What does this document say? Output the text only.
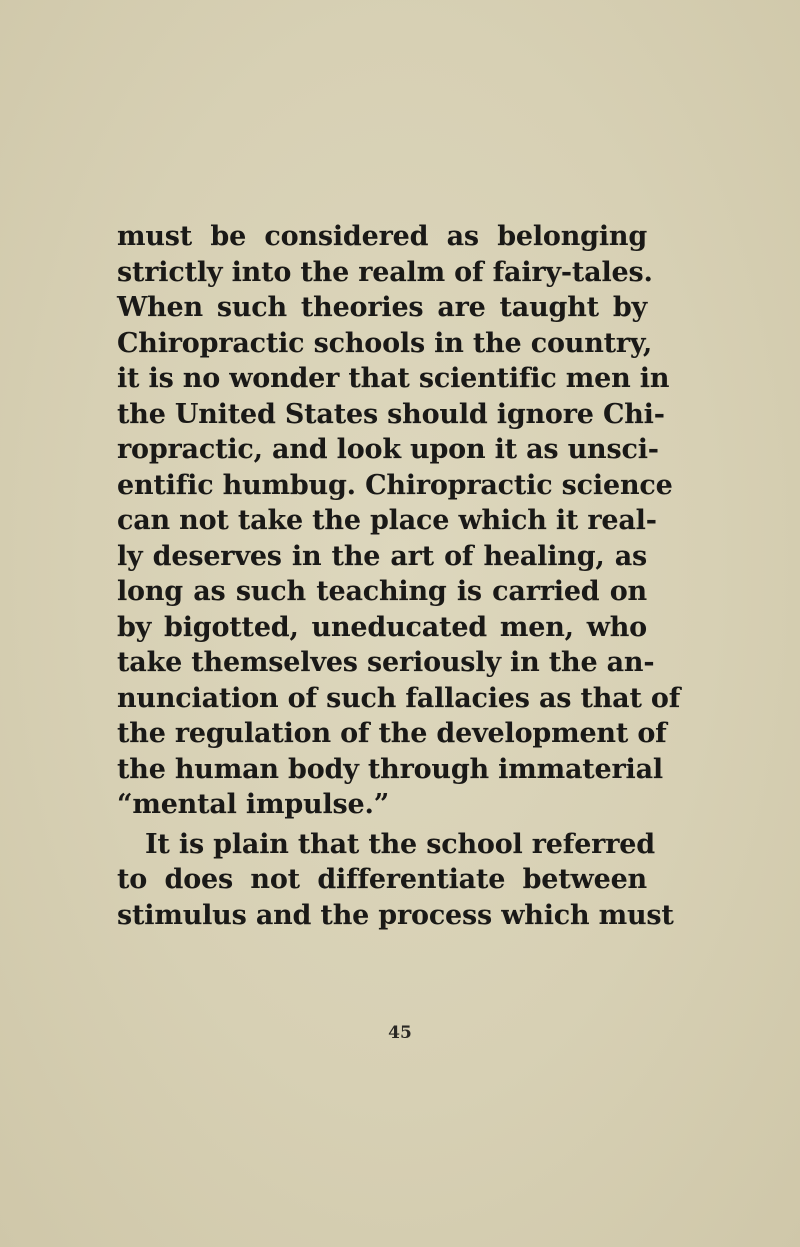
must be considered as belonging
strictly into the realm of fairy-tales.
When such theories are taught by
Chiropractic schools in the country,
it is no wonder that scientific men in
the United States should ignore Chi-
ropractic, and look upon it as unsci-
entific humbug. Chiropractic science
can not take the place which it real-
ly deserves in the art of healing, as
long as such teaching is carried on
by bigotted, uneducated men, who
take themselves seriously in the an-
nunciation of such fallacies as that of
the regulation of the development of
the human body through immaterial
“mental impulse.”
It is plain that the school referred
to does not differentiate between
stimulus and the process which must
45
